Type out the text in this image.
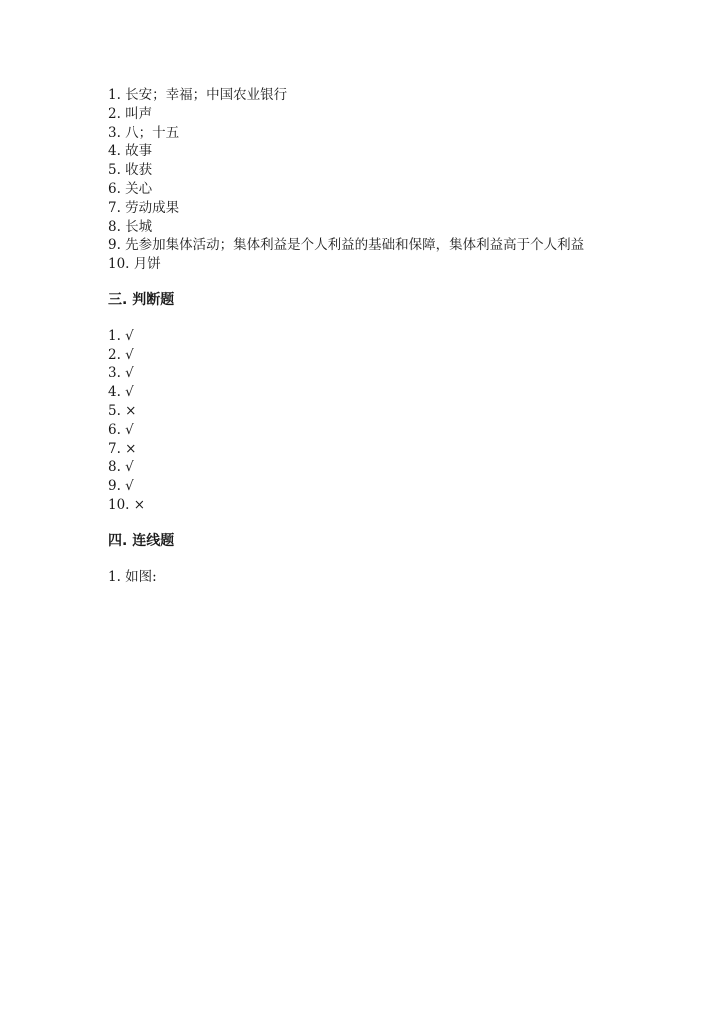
1. 长安；幸福；中国农业银行
2. 叫声
3. 八；十五
4. 故事
5. 收获
6. 关心
7. 劳动成果
8. 长城
9. 先参加集体活动；集体利益是个人利益的基础和保障，集体利益高于个人利益
10. 月饼
三. 判断题
1. √
2. √
3. √
4. √
5. ×
6. √
7. ×
8. √
9. √
10. ×
四. 连线题
1. 如图:
